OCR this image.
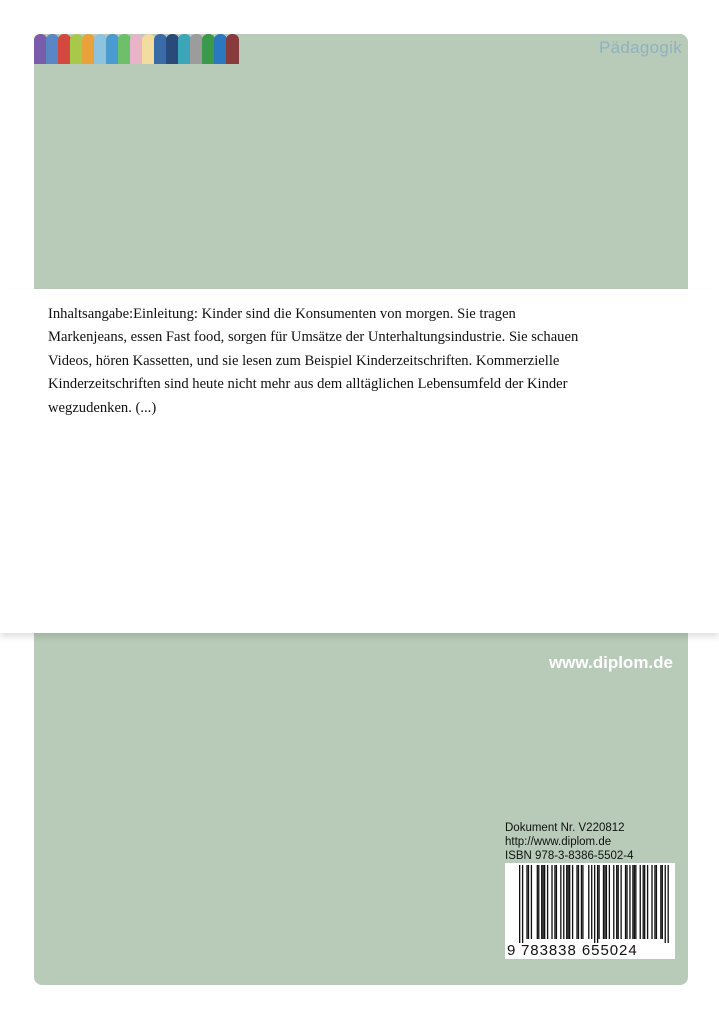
Pädagogik

Inhaltsangabe:Einleitung: Kinder sind die Konsumenten von morgen. Sie tragen Markenjeans, essen Fast food, sorgen für Umsätze der Unterhaltungsindustrie. Sie schauen Videos, hören Kassetten, und sie lesen zum Beispiel Kinderzeitschriften. Kommerzielle Kinderzeitschriften sind heute nicht mehr aus dem alltäglichen Lebensumfeld der Kinder wegzudenken. (...)

www.diplom.de
Dokument Nr. V220812
http://www.diplom.de
ISBN 978-3-8386-5502-4
9 783838 655024
